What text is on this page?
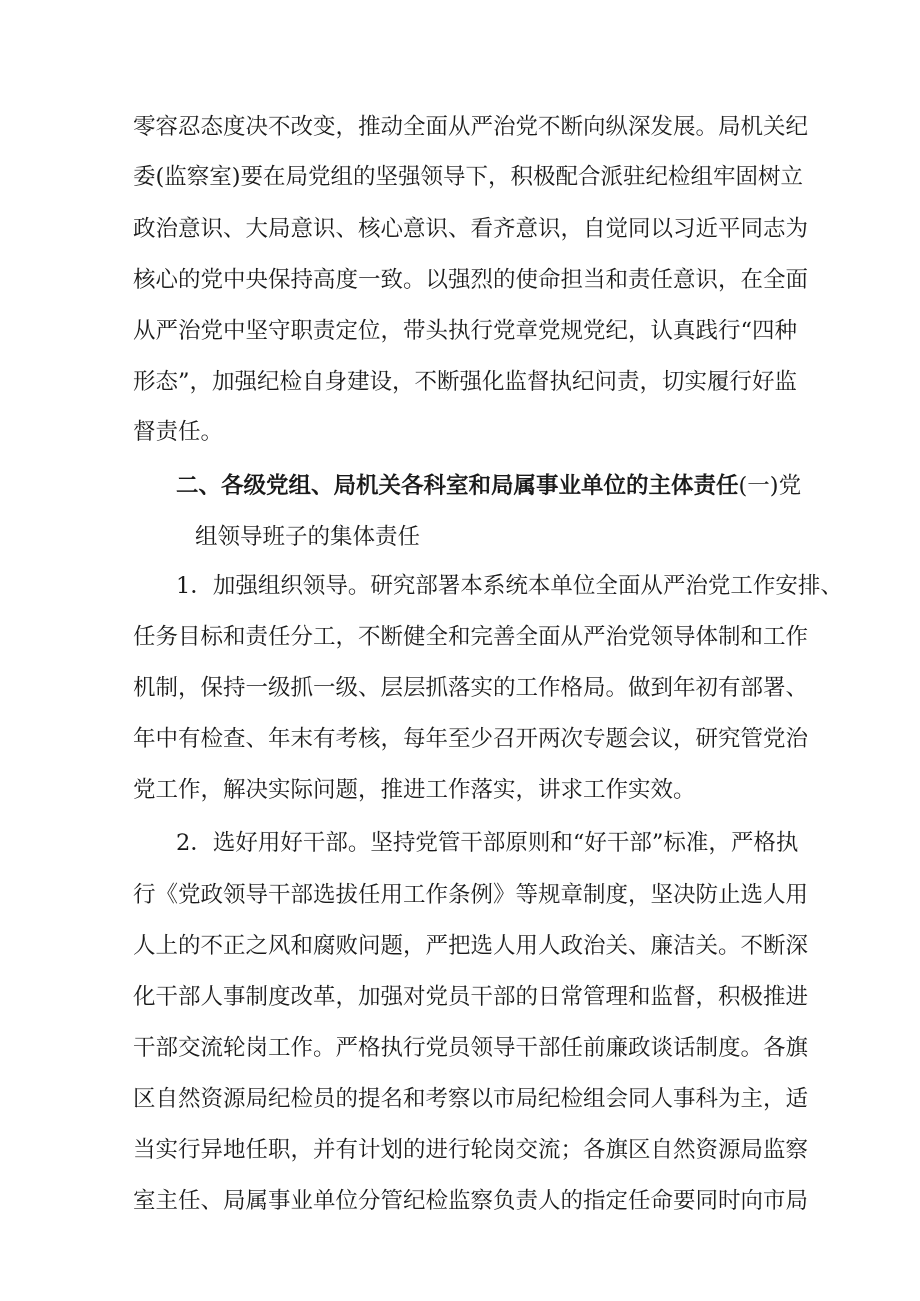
零容忍态度决不改变，推动全面从严治党不断向纵深发展。局机关纪
委(监察室)要在局党组的坚强领导下，积极配合派驻纪检组牢固树立
政治意识、大局意识、核心意识、看齐意识，自觉同以习近平同志为
核心的党中央保持高度一致。以强烈的使命担当和责任意识，在全面
从严治党中坚守职责定位，带头执行党章党规党纪，认真践行“四种
形态”，加强纪检自身建设，不断强化监督执纪问责，切实履行好监
督责任。
二、各级党组、局机关各科室和局属事业单位的主体责任(一)党
组领导班子的集体责任
1．加强组织领导。研究部署本系统本单位全面从严治党工作安排、
任务目标和责任分工，不断健全和完善全面从严治党领导体制和工作
机制，保持一级抓一级、层层抓落实的工作格局。做到年初有部署、
年中有检查、年末有考核，每年至少召开两次专题会议，研究管党治
党工作，解决实际问题，推进工作落实，讲求工作实效。
2．选好用好干部。坚持党管干部原则和“好干部”标准，严格执
行《党政领导干部选拔任用工作条例》等规章制度，坚决防止选人用
人上的不正之风和腐败问题，严把选人用人政治关、廉洁关。不断深
化干部人事制度改革，加强对党员干部的日常管理和监督，积极推进
干部交流轮岗工作。严格执行党员领导干部任前廉政谈话制度。各旗
区自然资源局纪检员的提名和考察以市局纪检组会同人事科为主，适
当实行异地任职，并有计划的进行轮岗交流；各旗区自然资源局监察
室主任、局属事业单位分管纪检监察负责人的指定任命要同时向市局
